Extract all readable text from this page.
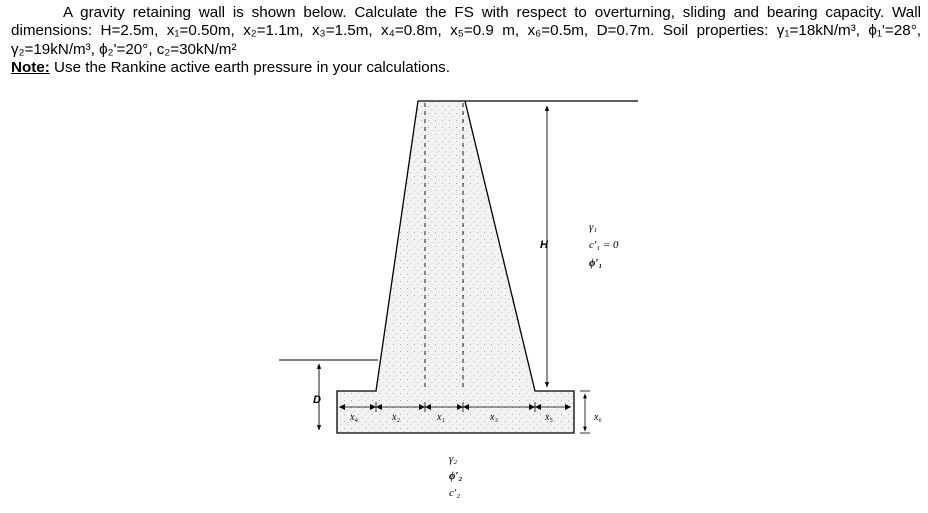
A gravity retaining wall is shown below. Calculate the FS with respect to overturning, sliding and bearing capacity. Wall dimensions: H=2.5m, x₁=0.50m, x₂=1.1m, x₃=1.5m, x₄=0.8m, x₅=0.9 m, x₆=0.5m, D=0.7m. Soil properties: γ₁=18kN/m³, ϕ₁'=28°, γ₂=19kN/m³, ϕ₂'=20°, c₂=30kN/m²

Note: Use the Rankine active earth pressure in your calculations.
H
D
x₄	x₂	x₁	x₃	x₅	x₆
γ₁
c′₁ = 0
ϕ′₁
γ₂
ϕ′₂
c′₂
